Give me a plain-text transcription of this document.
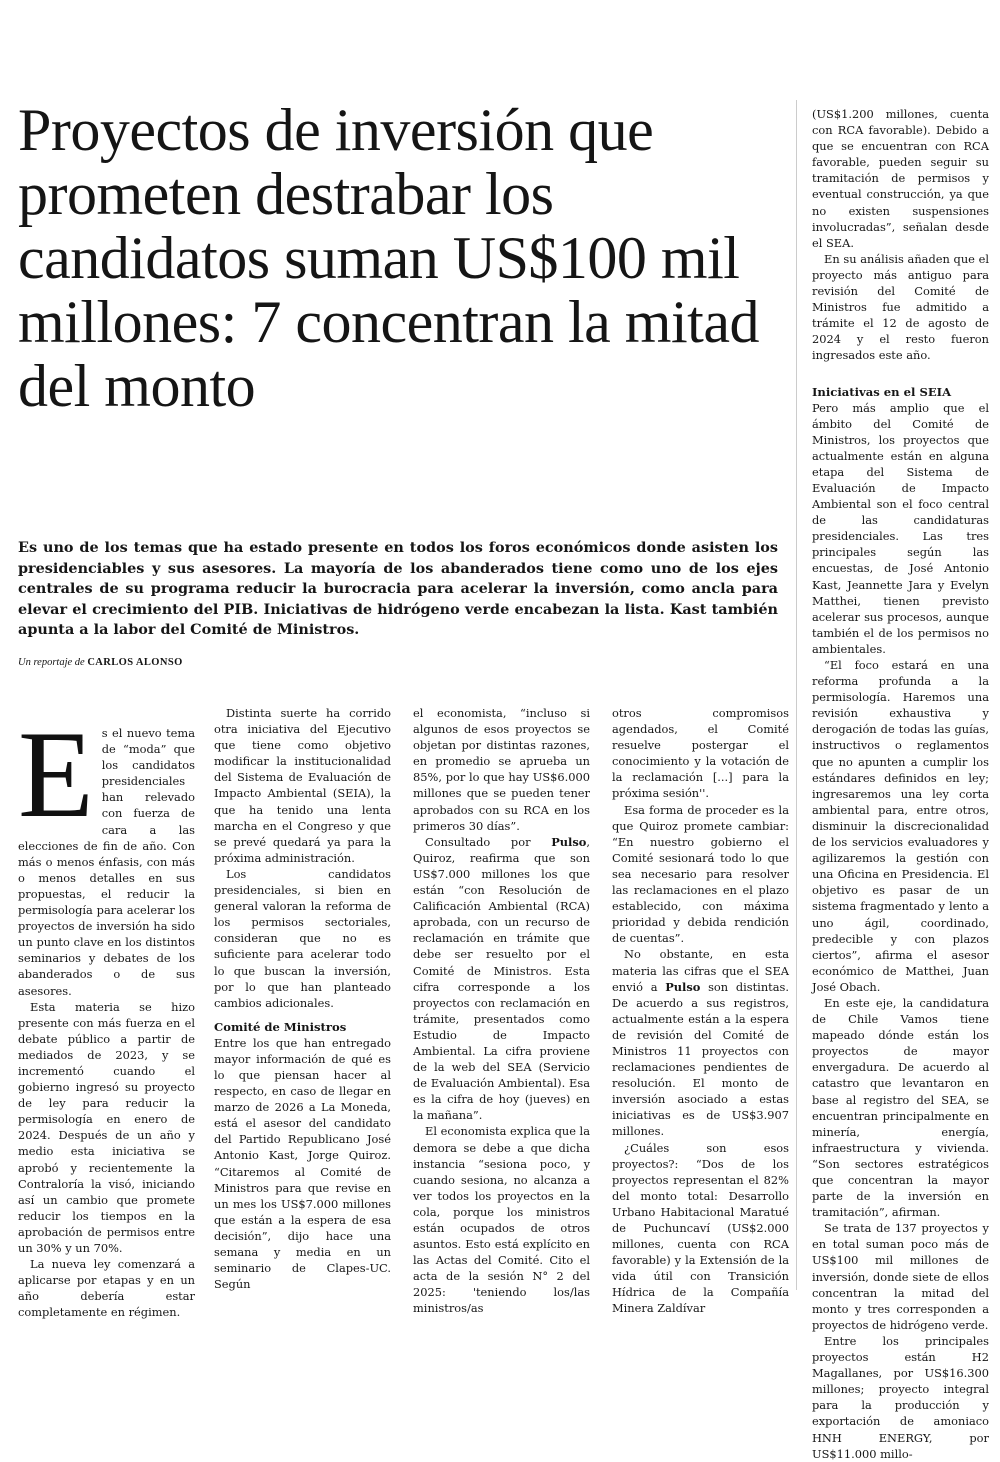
Proyectos de inversión que prometen destrabar los candidatos suman US$100 mil millones: 7 concentran la mitad del monto

Es uno de los temas que ha estado presente en todos los foros económicos donde asisten los presidenciables y sus asesores. La mayoría de los abanderados tiene como uno de los ejes centrales de su programa reducir la burocracia para acelerar la inversión, como ancla para elevar el crecimiento del PIB. Iniciativas de hidrógeno verde encabezan la lista. Kast también apunta a la labor del Comité de Ministros.

Un reportaje de CARLOS ALONSO

E s el nuevo tema de “moda” que los candidatos presidenciales han relevado con fuerza de cara a las elecciones de fin de año. Con más o menos énfasis, con más o menos detalles en sus propuestas, el reducir la permisología para acelerar los proyectos de inversión ha sido un punto clave en los distintos seminarios y debates de los abanderados o de sus asesores.

Esta materia se hizo presente con más fuerza en el debate público a partir de mediados de 2023, y se incrementó cuando el gobierno ingresó su proyecto de ley para reducir la permisología en enero de 2024. Después de un año y medio esta iniciativa se aprobó y recientemente la Contraloría la visó, iniciando así un cambio que promete reducir los tiempos en la aprobación de permisos entre un 30% y un 70%.

La nueva ley comenzará a aplicarse por etapas y en un año debería estar completamente en régimen.

Distinta suerte ha corrido otra iniciativa del Ejecutivo que tiene como objetivo modificar la institucionalidad del Sistema de Evaluación de Impacto Ambiental (SEIA), la que ha tenido una lenta marcha en el Congreso y que se prevé quedará ya para la próxima administración.

Los candidatos presidenciales, si bien en general valoran la reforma de los permisos sectoriales, consideran que no es suficiente para acelerar todo lo que buscan la inversión, por lo que han planteado cambios adicionales.

Comité de Ministros

Entre los que han entregado mayor información de qué es lo que piensan hacer al respecto, en caso de llegar en marzo de 2026 a La Moneda, está el asesor del candidato del Partido Republicano José Antonio Kast, Jorge Quiroz. “Citaremos al Comité de Ministros para que revise en un mes los US$7.000 millones que están a la espera de esa decisión”, dijo hace una semana y media en un seminario de Clapes-UC. Según

el economista, “incluso si algunos de esos proyectos se objetan por distintas razones, en promedio se aprueba un 85%, por lo que hay US$6.000 millones que se pueden tener aprobados con su RCA en los primeros 30 días”.

Consultado por Pulso, Quiroz, reafirma que son US$7.000 millones los que están “con Resolución de Calificación Ambiental (RCA) aprobada, con un recurso de reclamación en trámite que debe ser resuelto por el Comité de Ministros. Esta cifra corresponde a los proyectos con reclamación en trámite, presentados como Estudio de Impacto Ambiental. La cifra proviene de la web del SEA (Servicio de Evaluación Ambiental). Esa es la cifra de hoy (jueves) en la mañana”.

El economista explica que la demora se debe a que dicha instancia “sesiona poco, y cuando sesiona, no alcanza a ver todos los proyectos en la cola, porque los ministros están ocupados de otros asuntos. Esto está explícito en las Actas del Comité. Cito el acta de la sesión N° 2 del 2025: 'teniendo los/las ministros/as

otros compromisos agendados, el Comité resuelve postergar el conocimiento y la votación de la reclamación [...] para la próxima sesión''.

Esa forma de proceder es la que Quiroz promete cambiar: “En nuestro gobierno el Comité sesionará todo lo que sea necesario para resolver las reclamaciones en el plazo establecido, con máxima prioridad y debida rendición de cuentas”.

No obstante, en esta materia las cifras que el SEA envió a Pulso son distintas. De acuerdo a sus registros, actualmente están a la espera de revisión del Comité de Ministros 11 proyectos con reclamaciones pendientes de resolución. El monto de inversión asociado a estas iniciativas es de US$3.907 millones.

¿Cuáles son esos proyectos?: “Dos de los proyectos representan el 82% del monto total: Desarrollo Urbano Habitacional Maratué de Puchuncaví (US$2.000 millones, cuenta con RCA favorable) y la Extensión de la vida útil con Transición Hídrica de la Compañía Minera Zaldívar

(US$1.200 millones, cuenta con RCA favorable). Debido a que se encuentran con RCA favorable, pueden seguir su tramitación de permisos y eventual construcción, ya que no existen suspensiones involucradas”, señalan desde el SEA.

En su análisis añaden que el proyecto más antiguo para revisión del Comité de Ministros fue admitido a trámite el 12 de agosto de 2024 y el resto fueron ingresados este año.

Iniciativas en el SEIA

Pero más amplio que el ámbito del Comité de Ministros, los proyectos que actualmente están en alguna etapa del Sistema de Evaluación de Impacto Ambiental son el foco central de las candidaturas presidenciales. Las tres principales según las encuestas, de José Antonio Kast, Jeannette Jara y Evelyn Matthei, tienen previsto acelerar sus procesos, aunque también el de los permisos no ambientales.

“El foco estará en una reforma profunda a la permisología. Haremos una revisión exhaustiva y derogación de todas las guías, instructivos o reglamentos que no apunten a cumplir los estándares definidos en ley; ingresaremos una ley corta ambiental para, entre otros, disminuir la discrecionalidad de los servicios evaluadores y agilizaremos la gestión con una Oficina en Presidencia. El objetivo es pasar de un sistema fragmentado y lento a uno ágil, coordinado, predecible y con plazos ciertos”, afirma el asesor económico de Matthei, Juan José Obach.

En este eje, la candidatura de Chile Vamos tiene mapeado dónde están los proyectos de mayor envergadura. De acuerdo al catastro que levantaron en base al registro del SEA, se encuentran principalmente en minería, energía, infraestructura y vivienda. “Son sectores estratégicos que concentran la mayor parte de la inversión en tramitación”, afirman.

Se trata de 137 proyectos y en total suman poco más de US$100 mil millones de inversión, donde siete de ellos concentran la mitad del monto y tres corresponden a proyectos de hidrógeno verde.

Entre los principales proyectos están H2 Magallanes, por US$16.300 millones; proyecto integral para la producción y exportación de amoniaco HNH ENERGY, por US$11.000 millo-
